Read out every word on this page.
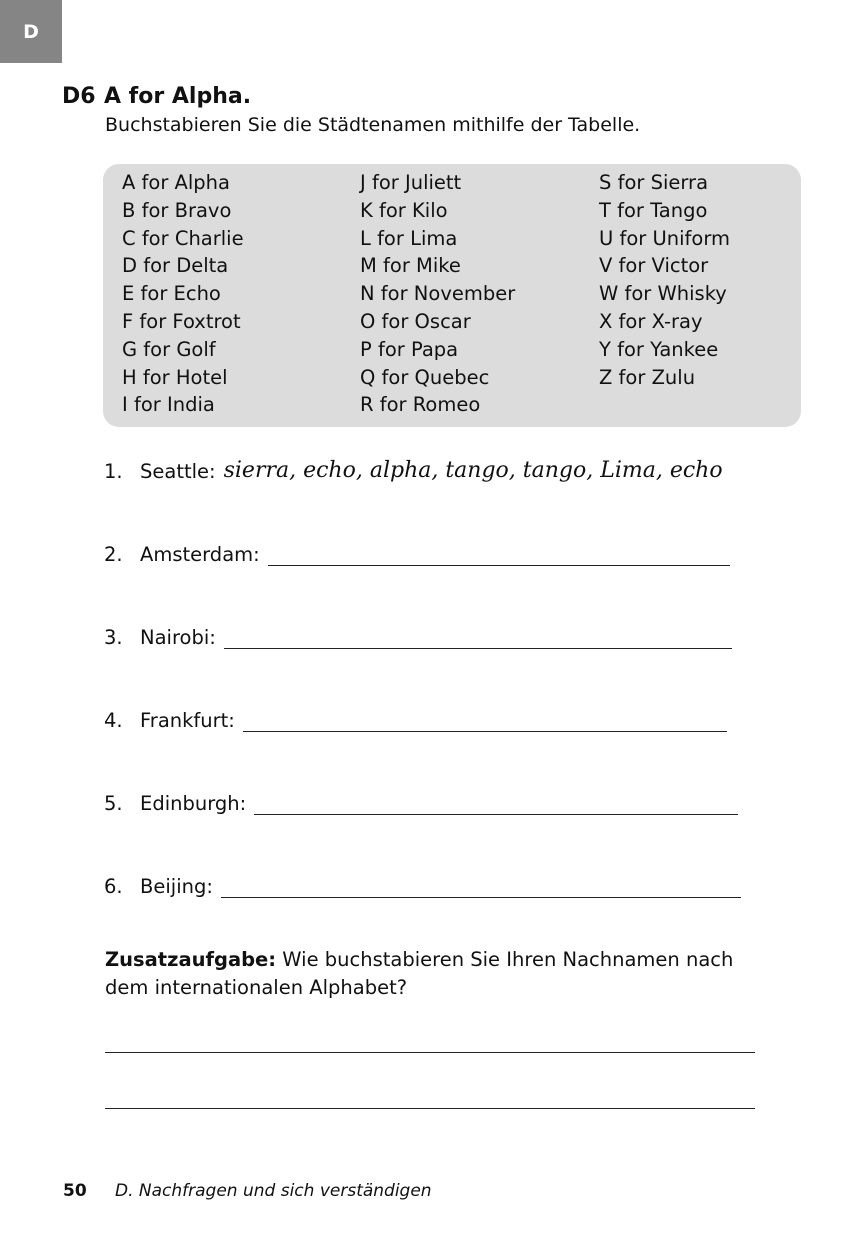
D
D6 A for Alpha.
Buchstabieren Sie die Städtenamen mithilfe der Tabelle.
A for Alpha
B for Bravo
C for Charlie
D for Delta
E for Echo
F for Foxtrot
G for Golf
H for Hotel
I for India
J for Juliett
K for Kilo
L for Lima
M for Mike
N for November
O for Oscar
P for Papa
Q for Quebec
R for Romeo
S for Sierra
T for Tango
U for Uniform
V for Victor
W for Whisky
X for X-ray
Y for Yankee
Z for Zulu
1. Seattle: sierra, echo, alpha, tango, tango, Lima, echo
2. Amsterdam:
3. Nairobi:
4. Frankfurt:
5. Edinburgh:
6. Beijing:
Zusatzaufgabe: Wie buchstabieren Sie Ihren Nachnamen nach dem internationalen Alphabet?
50 D. Nachfragen und sich verständigen
